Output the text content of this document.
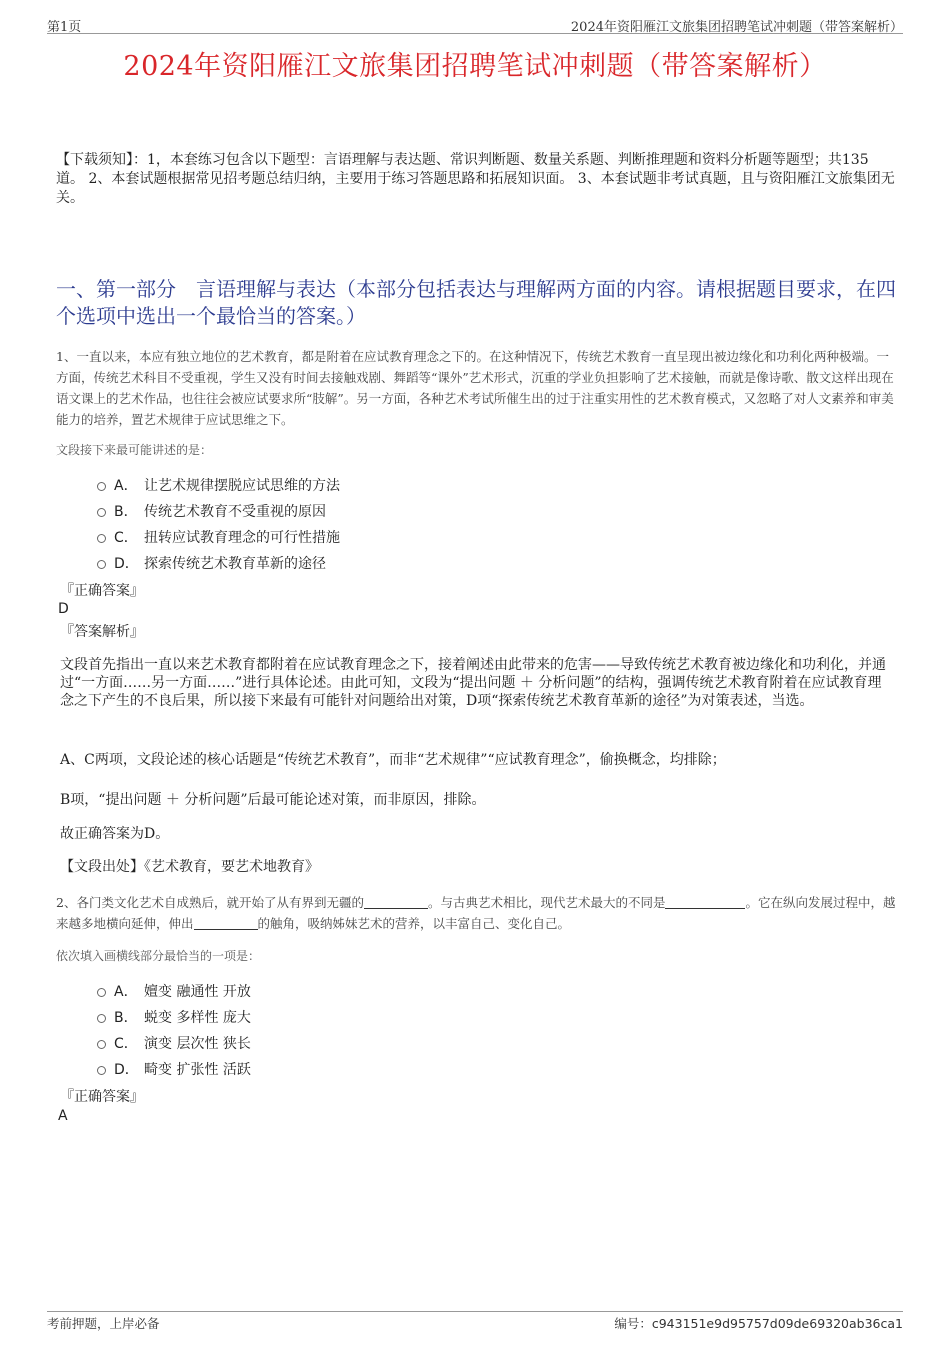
第1页	2024年资阳雁江文旅集团招聘笔试冲刺题（带答案解析）
2024年资阳雁江文旅集团招聘笔试冲刺题（带答案解析）
【下载须知】：1，本套练习包含以下题型：言语理解与表达题、常识判断题、数量关系题、判断推理题和资料分析题等题型；共135道。 2、本套试题根据常见招考题总结归纳，主要用于练习答题思路和拓展知识面。 3、本套试题非考试真题，且与资阳雁江文旅集团无关。
一、第一部分　言语理解与表达（本部分包括表达与理解两方面的内容。请根据题目要求，在四个选项中选出一个最恰当的答案。）
1、一直以来，本应有独立地位的艺术教育，都是附着在应试教育理念之下的。在这种情况下，传统艺术教育一直呈现出被边缘化和功利化两种极端。一方面，传统艺术科目不受重视，学生又没有时间去接触戏剧、舞蹈等“课外”艺术形式，沉重的学业负担影响了艺术接触，而就是像诗歌、散文这样出现在语文课上的艺术作品，也往往会被应试要求所“肢解”。另一方面，各种艺术考试所催生出的过于注重实用性的艺术教育模式，又忽略了对人文素养和审美能力的培养，置艺术规律于应试思维之下。
文段接下来最可能讲述的是：
A． 让艺术规律摆脱应试思维的方法
B． 传统艺术教育不受重视的原因
C． 扭转应试教育理念的可行性措施
D． 探索传统艺术教育革新的途径
『正确答案』
D
『答案解析』
文段首先指出一直以来艺术教育都附着在应试教育理念之下，接着阐述由此带来的危害——导致传统艺术教育被边缘化和功利化，并通过“一方面……另一方面……”进行具体论述。由此可知，文段为“提出问题 ＋ 分析问题”的结构，强调传统艺术教育附着在应试教育理念之下产生的不良后果，所以接下来最有可能针对问题给出对策，D项“探索传统艺术教育革新的途径”为对策表述，当选。
A、C两项，文段论述的核心话题是“传统艺术教育”，而非“艺术规律”“应试教育理念”，偷换概念，均排除；
B项，“提出问题 ＋ 分析问题”后最可能论述对策，而非原因，排除。
故正确答案为D。
【文段出处】《艺术教育，要艺术地教育》
2、各门类文化艺术自成熟后，就开始了从有界到无疆的	。与古典艺术相比，现代艺术最大的不同是	。它在纵向发展过程中，越来越多地横向延伸，伸出	的触角，吸纳姊妹艺术的营养，以丰富自己、变化自己。
依次填入画横线部分最恰当的一项是：
A． 嬗变 融通性 开放
B． 蜕变 多样性 庞大
C． 演变 层次性 狭长
D． 畸变 扩张性 活跃
『正确答案』
A
考前押题，上岸必备	编号：c943151e9d95757d09de69320ab36ca1
